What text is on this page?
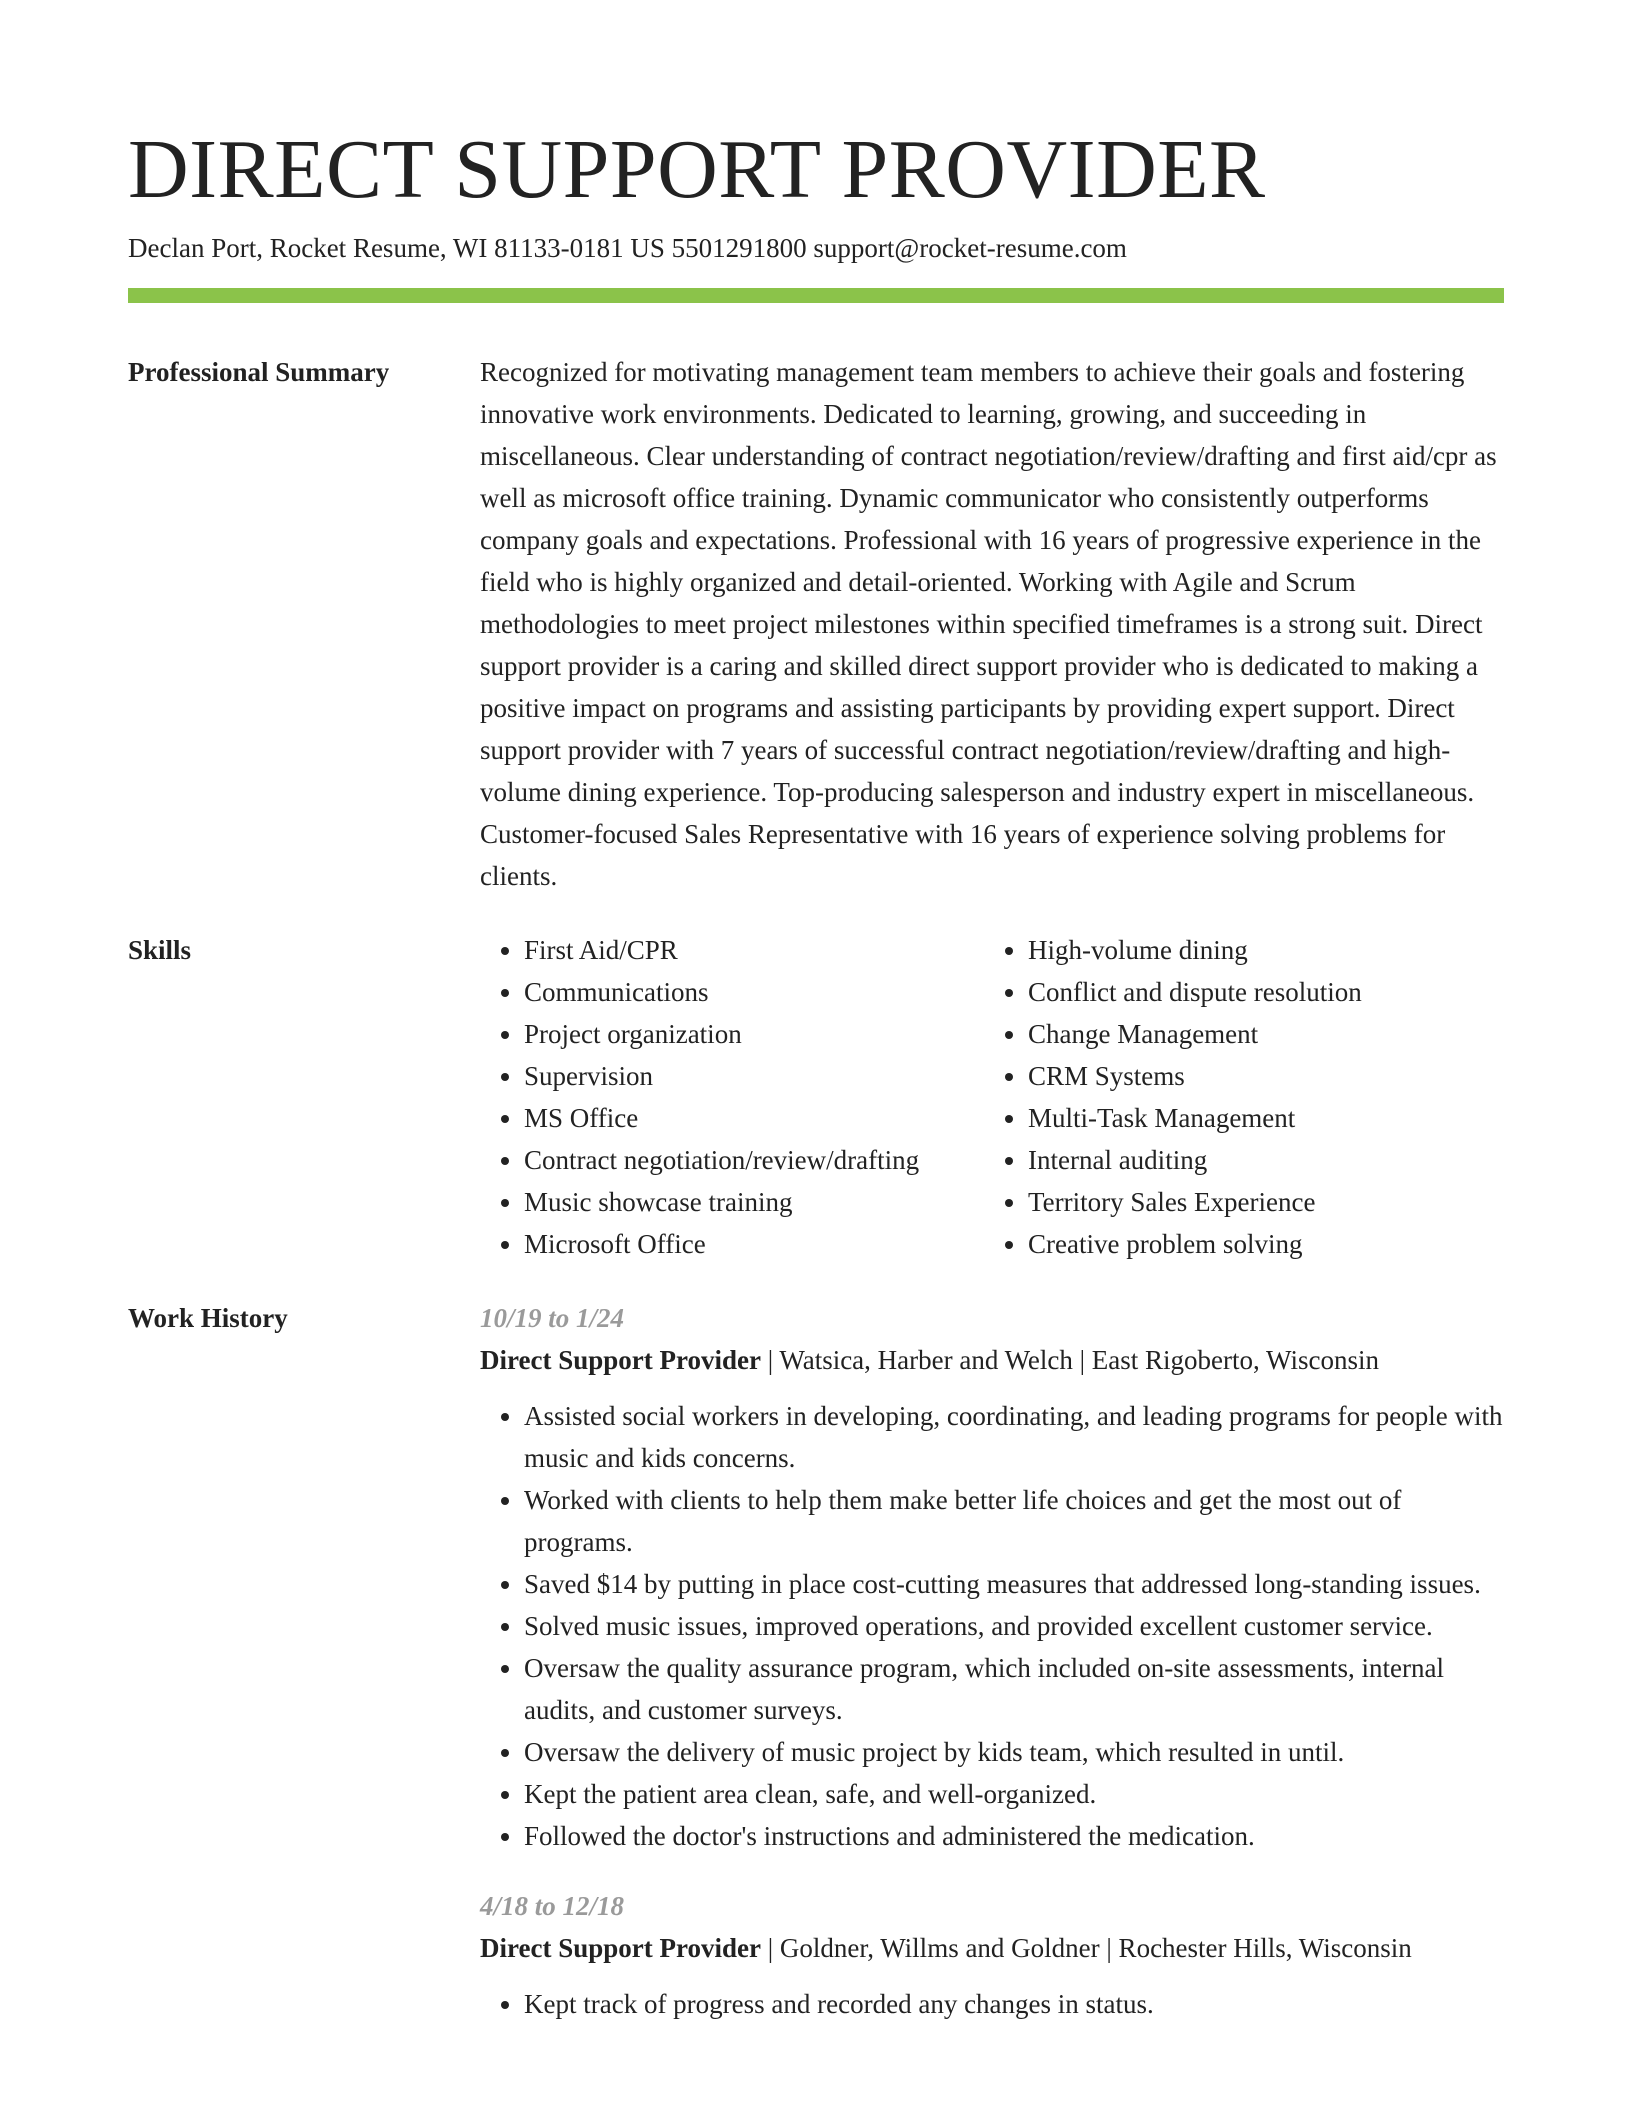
DIRECT SUPPORT PROVIDER
Declan Port, Rocket Resume, WI 81133-0181 US 5501291800 support@rocket-resume.com
Professional Summary	Recognized for motivating management team members to achieve their goals and fostering innovative work environments. Dedicated to learning, growing, and succeeding in miscellaneous. Clear understanding of contract negotiation/review/drafting and first aid/cpr as well as microsoft office training. Dynamic communicator who consistently outperforms company goals and expectations. Professional with 16 years of progressive experience in the field who is highly organized and detail-oriented. Working with Agile and Scrum methodologies to meet project milestones within specified timeframes is a strong suit. Direct support provider is a caring and skilled direct support provider who is dedicated to making a positive impact on programs and assisting participants by providing expert support. Direct support provider with 7 years of successful contract negotiation/review/drafting and high-volume dining experience. Top-producing salesperson and industry expert in miscellaneous. Customer-focused Sales Representative with 16 years of experience solving problems for clients.

Skills
•	First Aid/CPR
• Communications
• Project organization
• Supervision
• MS Office
• Contract negotiation/review/drafting
• Music showcase training
• Microsoft Office
• High-volume dining
• Conflict and dispute resolution
• Change Management
• CRM Systems
• Multi-Task Management
• Internal auditing
• Territory Sales Experience
• Creative problem solving
Work History	10/19 to 1/24
Direct Support Provider | Watsica, Harber and Welch | East Rigoberto, Wisconsin
• Assisted social workers in developing, coordinating, and leading programs for people with music and kids concerns.
• Worked with clients to help them make better life choices and get the most out of programs.
• Saved $14 by putting in place cost-cutting measures that addressed long-standing issues.
• Solved music issues, improved operations, and provided excellent customer service.
• Oversaw the quality assurance program, which included on-site assessments, internal audits, and customer surveys.
• Oversaw the delivery of music project by kids team, which resulted in until.
• Kept the patient area clean, safe, and well-organized.
• Followed the doctor's instructions and administered the medication.
4/18 to 12/18
Direct Support Provider | Goldner, Willms and Goldner | Rochester Hills, Wisconsin
• Kept track of progress and recorded any changes in status.
